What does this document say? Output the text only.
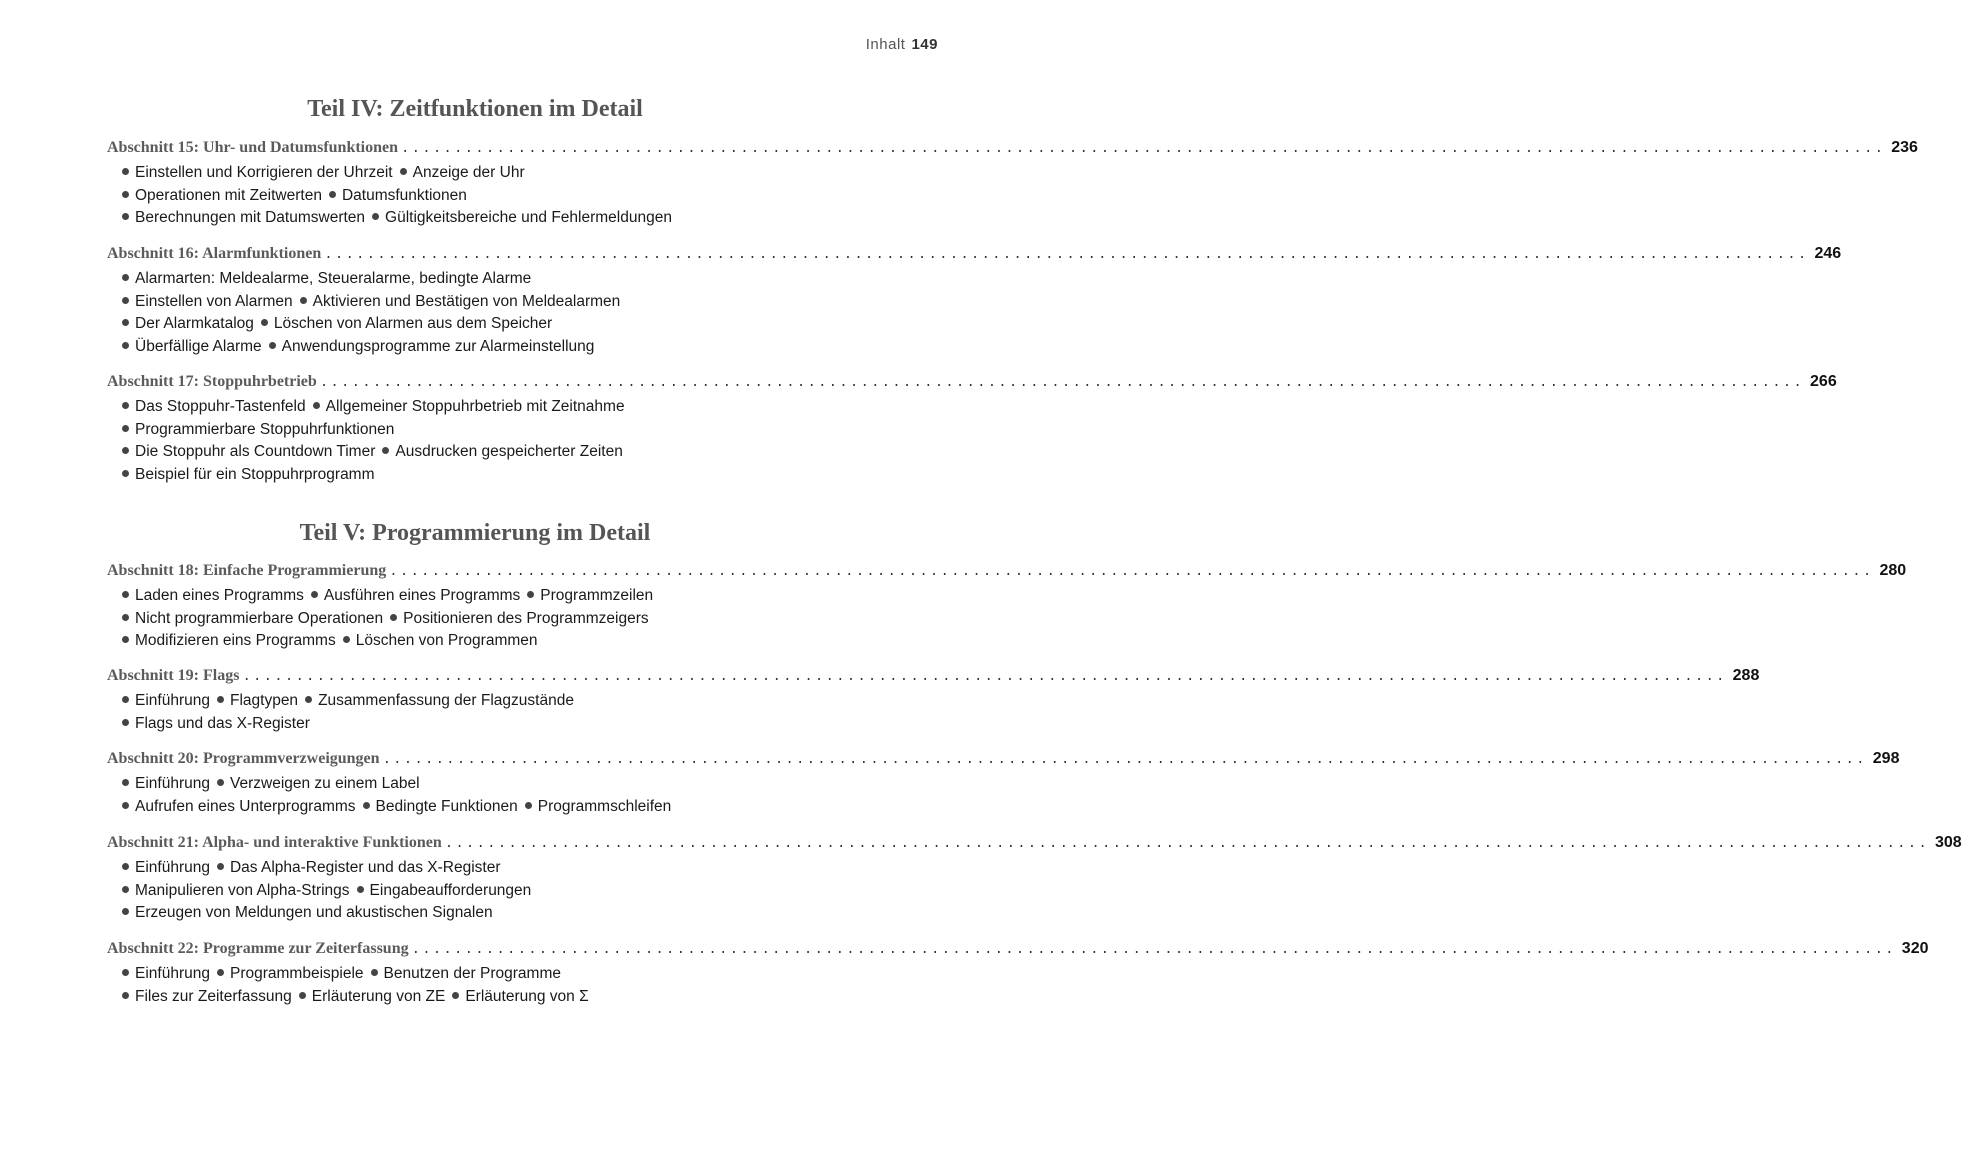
Inhalt 149
Teil IV: Zeitfunktionen im Detail
Abschnitt 15: Uhr- und Datumsfunktionen ............................................................................................................................................ 236
Einstellen und Korrigieren der Uhrzeit Anzeige der Uhr
Operationen mit Zeitwerten Datumsfunktionen
Berechnungen mit Datumswerten Gültigkeitsbereiche und Fehlermeldungen
Abschnitt 16: Alarmfunktionen ............................................................................................................................................ 246
Alarmarten: Meldealarme, Steueralarme, bedingte Alarme
Einstellen von Alarmen Aktivieren und Bestätigen von Meldealarmen
Der Alarmkatalog Löschen von Alarmen aus dem Speicher
Überfällige Alarme Anwendungsprogramme zur Alarmeinstellung
Abschnitt 17: Stoppuhrbetrieb ............................................................................................................................................ 266
Das Stoppuhr-Tastenfeld Allgemeiner Stoppuhrbetrieb mit Zeitnahme
Programmierbare Stoppuhrfunktionen
Die Stoppuhr als Countdown Timer Ausdrucken gespeicherter Zeiten
Beispiel für ein Stoppuhrprogramm
Teil V: Programmierung im Detail
Abschnitt 18: Einfache Programmierung ............................................................................................................................................ 280
Laden eines Programms Ausführen eines Programms Programmzeilen
Nicht programmierbare Operationen Positionieren des Programmzeigers
Modifizieren eins Programms Löschen von Programmen
Abschnitt 19: Flags ............................................................................................................................................ 288
Einführung Flagtypen Zusammenfassung der Flagzustände
Flags und das X-Register
Abschnitt 20: Programmverzweigungen ............................................................................................................................................ 298
Einführung Verzweigen zu einem Label
Aufrufen eines Unterprogramms Bedingte Funktionen Programmschleifen
Abschnitt 21: Alpha- und interaktive Funktionen ............................................................................................................................................ 308
Einführung Das Alpha-Register und das X-Register
Manipulieren von Alpha-Strings Eingabeaufforderungen
Erzeugen von Meldungen und akustischen Signalen
Abschnitt 22: Programme zur Zeiterfassung ............................................................................................................................................ 320
Einführung Programmbeispiele Benutzen der Programme
Files zur Zeiterfassung Erläuterung von ZE Erläuterung von Σ
